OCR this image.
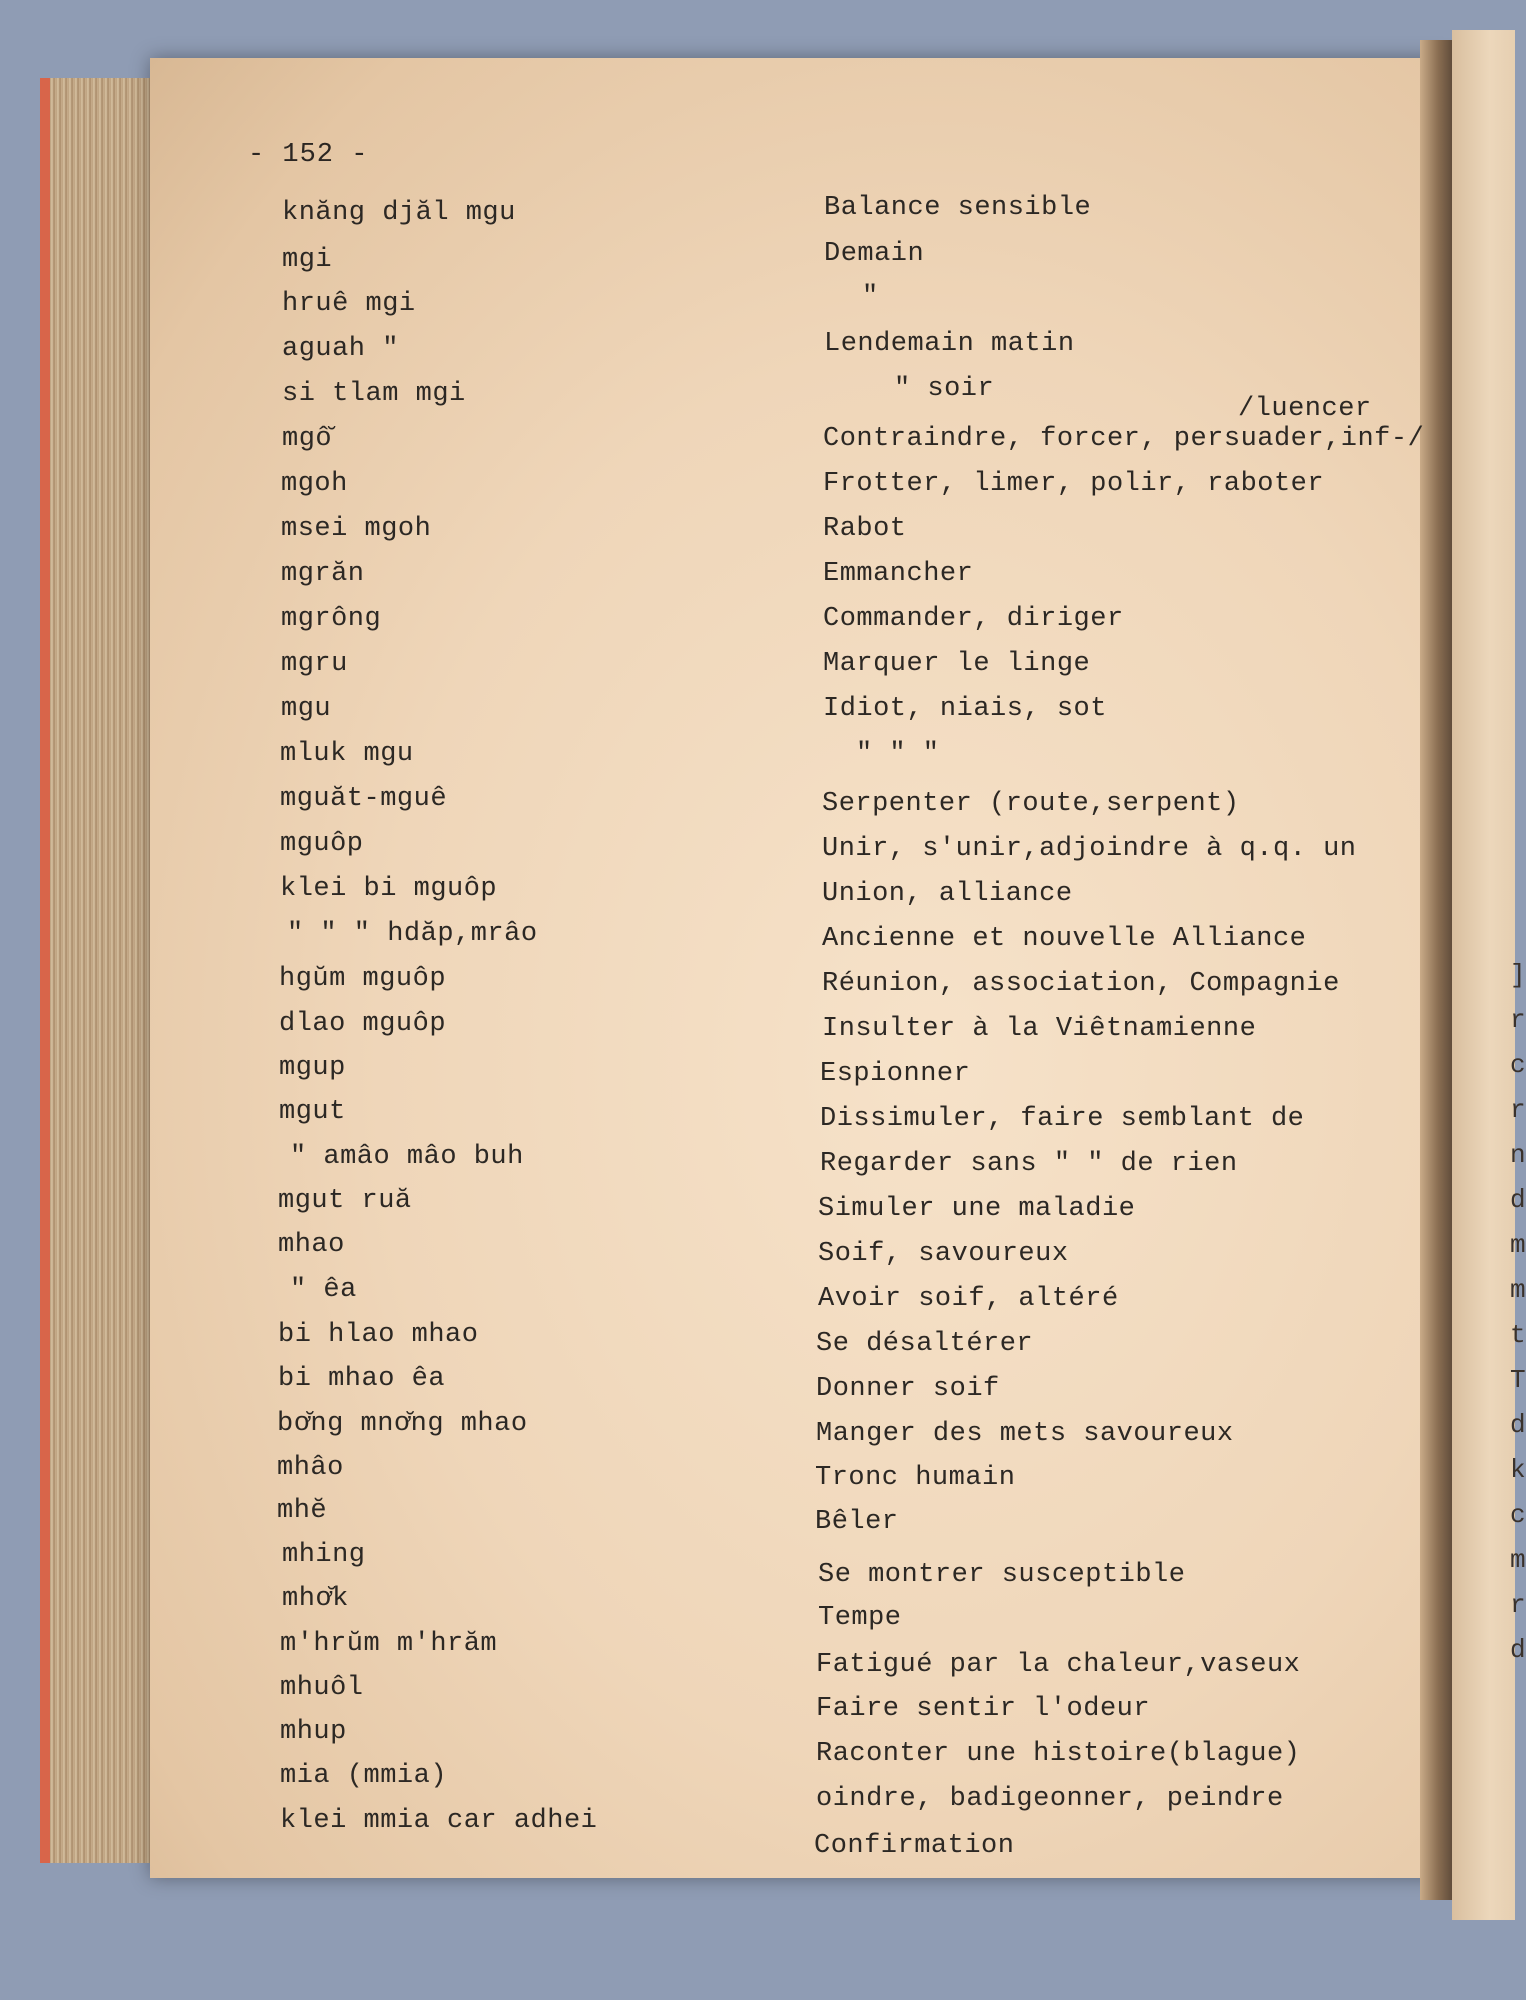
]
r
c
r
n
d
m
m
t
T
d
k
c
m
r
d
- 152 -
knăng djăl mgu
mgi
hruê mgi
aguah "
si tlam mgi
mgô̆
mgoh
msei mgoh
mgrăn
mgrông
mgru
mgu
mluk mgu
mguăt-mguê
mguôp
klei bi mguôp
" " " hdăp,mrâo
hgŭm mguôp
dlao mguôp
mgup
mgut
" amâo mâo buh
mgut ruă
mhao
" êa
bi hlao mhao
bi mhao êa
bơ̆ng mnơ̆ng mhao
mhâo
mhĕ
mhing
mhơ̆k
m'hrŭm m'hrăm
mhuôl
mhup
mia (mmia)
klei mmia car adhei
Balance sensible
Demain
"
Lendemain matin
" soir
/luencer
Contraindre, forcer, persuader,inf-/
Frotter, limer, polir, raboter
Rabot
Emmancher
Commander, diriger
Marquer le linge
Idiot, niais, sot
" " "
Serpenter (route,serpent)
Unir, s'unir,adjoindre à q.q. un
Union, alliance
Ancienne et nouvelle Alliance
Réunion, association, Compagnie
Insulter à la Viêtnamienne
Espionner
Dissimuler, faire semblant de
Regarder sans " " de rien
Simuler une maladie
Soif, savoureux
Avoir soif, altéré
Se désaltérer
Donner soif
Manger des mets savoureux
Tronc humain
Bêler
Se montrer susceptible
Tempe
Fatigué par la chaleur,vaseux
Faire sentir l'odeur
Raconter une histoire(blague)
oindre, badigeonner, peindre
Confirmation
